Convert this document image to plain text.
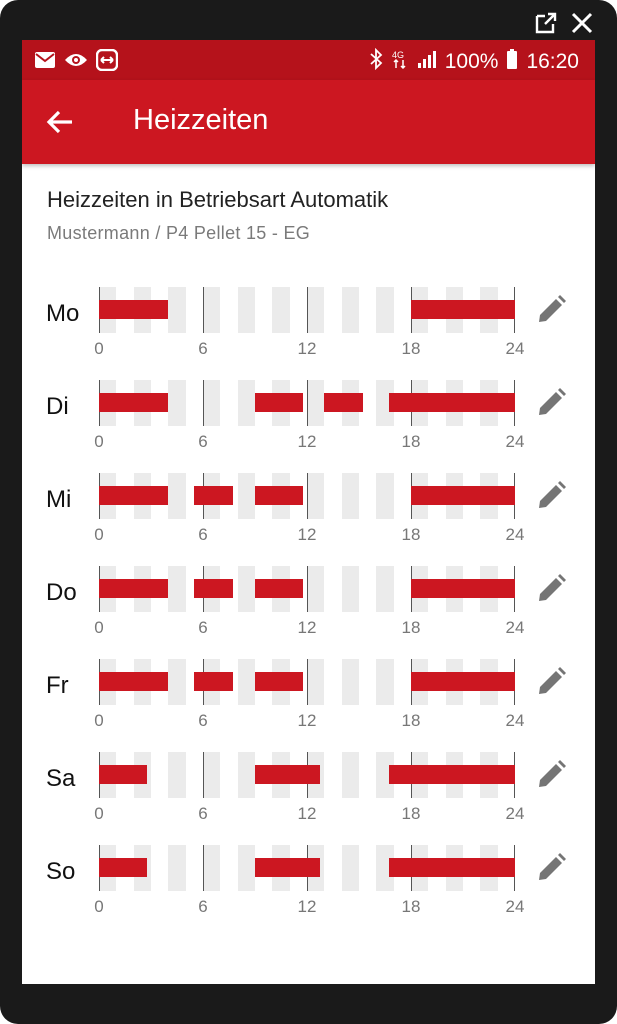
4G 100% 16:20
Heizzeiten
Heizzeiten in Betriebsart Automatik
Mustermann / P4 Pellet 15 - EG
Mo
0	6	12	18	24
Di
0	6	12	18	24
Mi
0	6	12	18	24
Do
0	6	12	18	24
Fr
0	6	12	18	24
Sa
0	6	12	18	24
So
0	6	12	18	24
